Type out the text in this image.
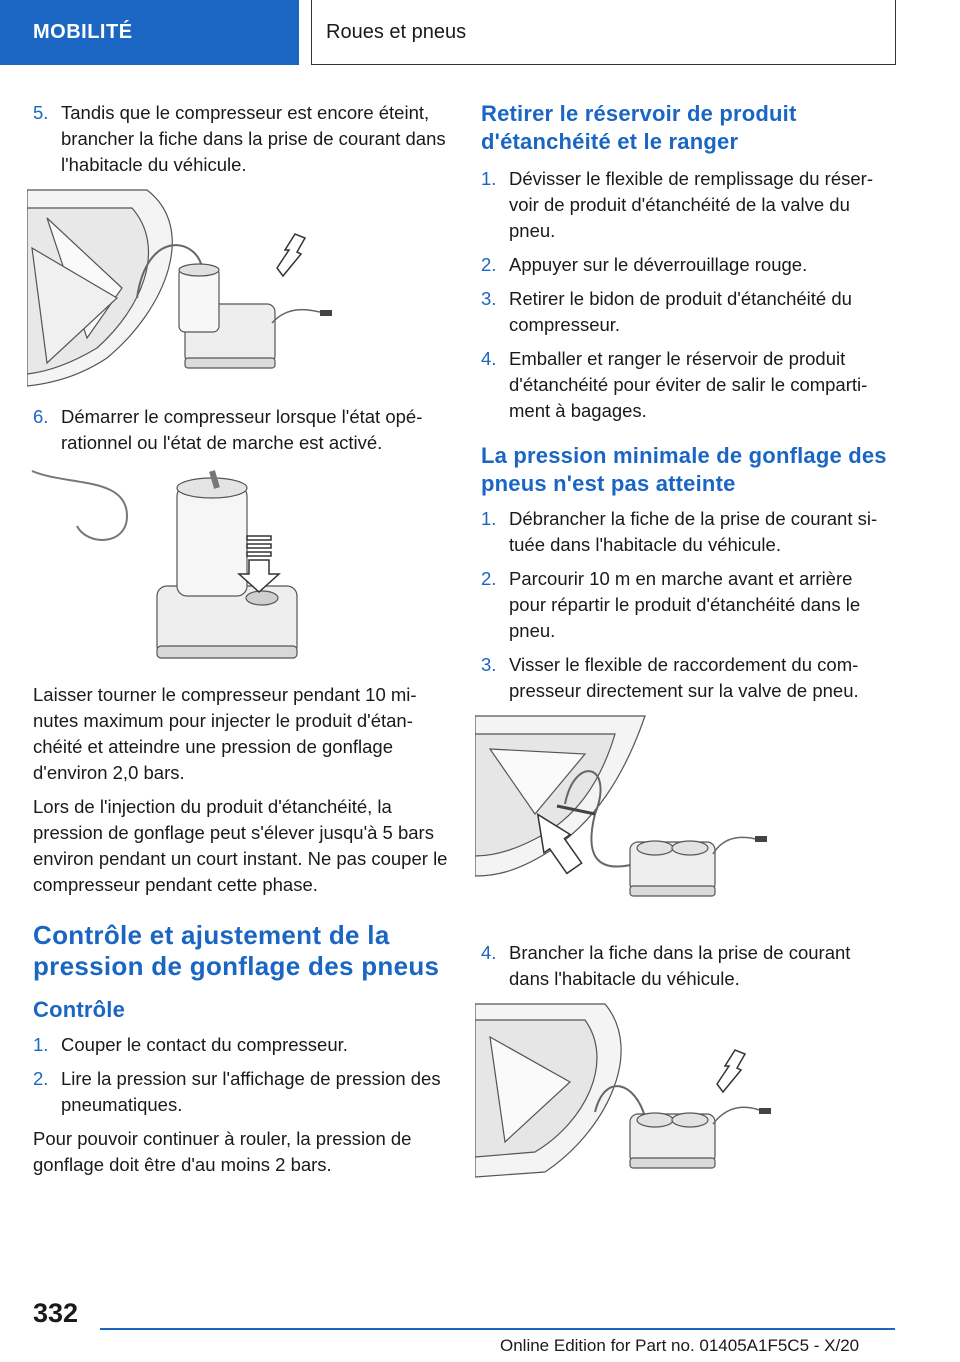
MOBILITÉ	Roues et pneus
5. Tandis que le compresseur est encore éteint, brancher la fiche dans la prise de courant dans l'habitacle du véhicule.
6. Démarrer le compresseur lorsque l'état opérationnel ou l'état de marche est activé.

Laisser tourner le compresseur pendant 10 minutes maximum pour injecter le produit d'étanchéité et atteindre une pression de gonflage d'environ 2,0 bars.

Lors de l'injection du produit d'étanchéité, la pression de gonflage peut s'élever jusqu'à 5 bars environ pendant un court instant. Ne pas couper le compresseur pendant cette phase.

Contrôle et ajustement de la pression de gonflage des pneus
Contrôle
1. Couper le contact du compresseur.
2. Lire la pression sur l'affichage de pression des pneumatiques.

Pour pouvoir continuer à rouler, la pression de gonflage doit être d'au moins 2 bars.

Retirer le réservoir de produit d'étanchéité et le ranger
1. Dévisser le flexible de remplissage du réservoir de produit d'étanchéité de la valve du pneu.
2. Appuyer sur le déverrouillage rouge.
3. Retirer le bidon de produit d'étanchéité du compresseur.
4. Emballer et ranger le réservoir de produit d'étanchéité pour éviter de salir le compartiment à bagages.
La pression minimale de gonflage des pneus n'est pas atteinte
1. Débrancher la fiche de la prise de courant située dans l'habitacle du véhicule.
2. Parcourir 10 m en marche avant et arrière pour répartir le produit d'étanchéité dans le pneu.
3. Visser le flexible de raccordement du compresseur directement sur la valve de pneu.
4. Brancher la fiche dans la prise de courant dans l'habitacle du véhicule.
332
Online Edition for Part no. 01405A1F5C5 - X/20
